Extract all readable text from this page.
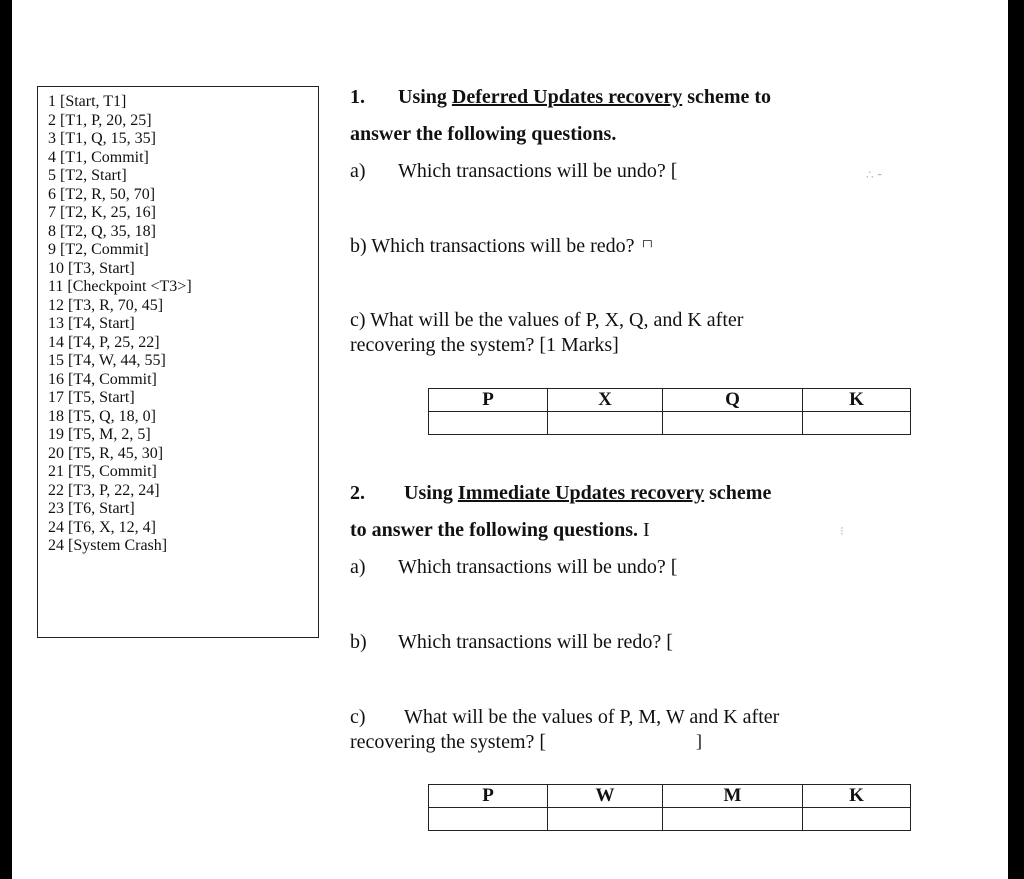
1 [Start, T1]
2 [T1, P, 20, 25]
3 [T1, Q, 15, 35]
4 [T1, Commit]
5 [T2, Start]
6 [T2, R, 50, 70]
7 [T2, K, 25, 16]
8 [T2, Q, 35, 18]
9 [T2, Commit]
10 [T3, Start]
11 [Checkpoint <T3>]
12 [T3, R, 70, 45]
13 [T4, Start]
14 [T4, P, 25, 22]
15 [T4, W, 44, 55]
16 [T4, Commit]
17 [T5, Start]
18 [T5, Q, 18, 0]
19 [T5, M, 2, 5]
20 [T5, R, 45, 30]
21 [T5, Commit]
22 [T3, P, 22, 24]
23 [T6, Start]
24 [T6, X, 12, 4]
24 [System Crash]
1. Using Deferred Updates recovery scheme to
answer the following questions.
a) Which transactions will be undo? [
b) Which transactions will be redo? ┌┐
c) What will be the values of P, X, Q, and K after
recovering the system? [1 Marks]
P	X	Q	K

2. Using Immediate Updates recovery scheme
to answer the following questions. I
a) Which transactions will be undo? [
b) Which transactions will be redo? [
c) What will be the values of P, M, W and K after
recovering the system? [	]
P	W	M	K

∴ ⁃
⁝
